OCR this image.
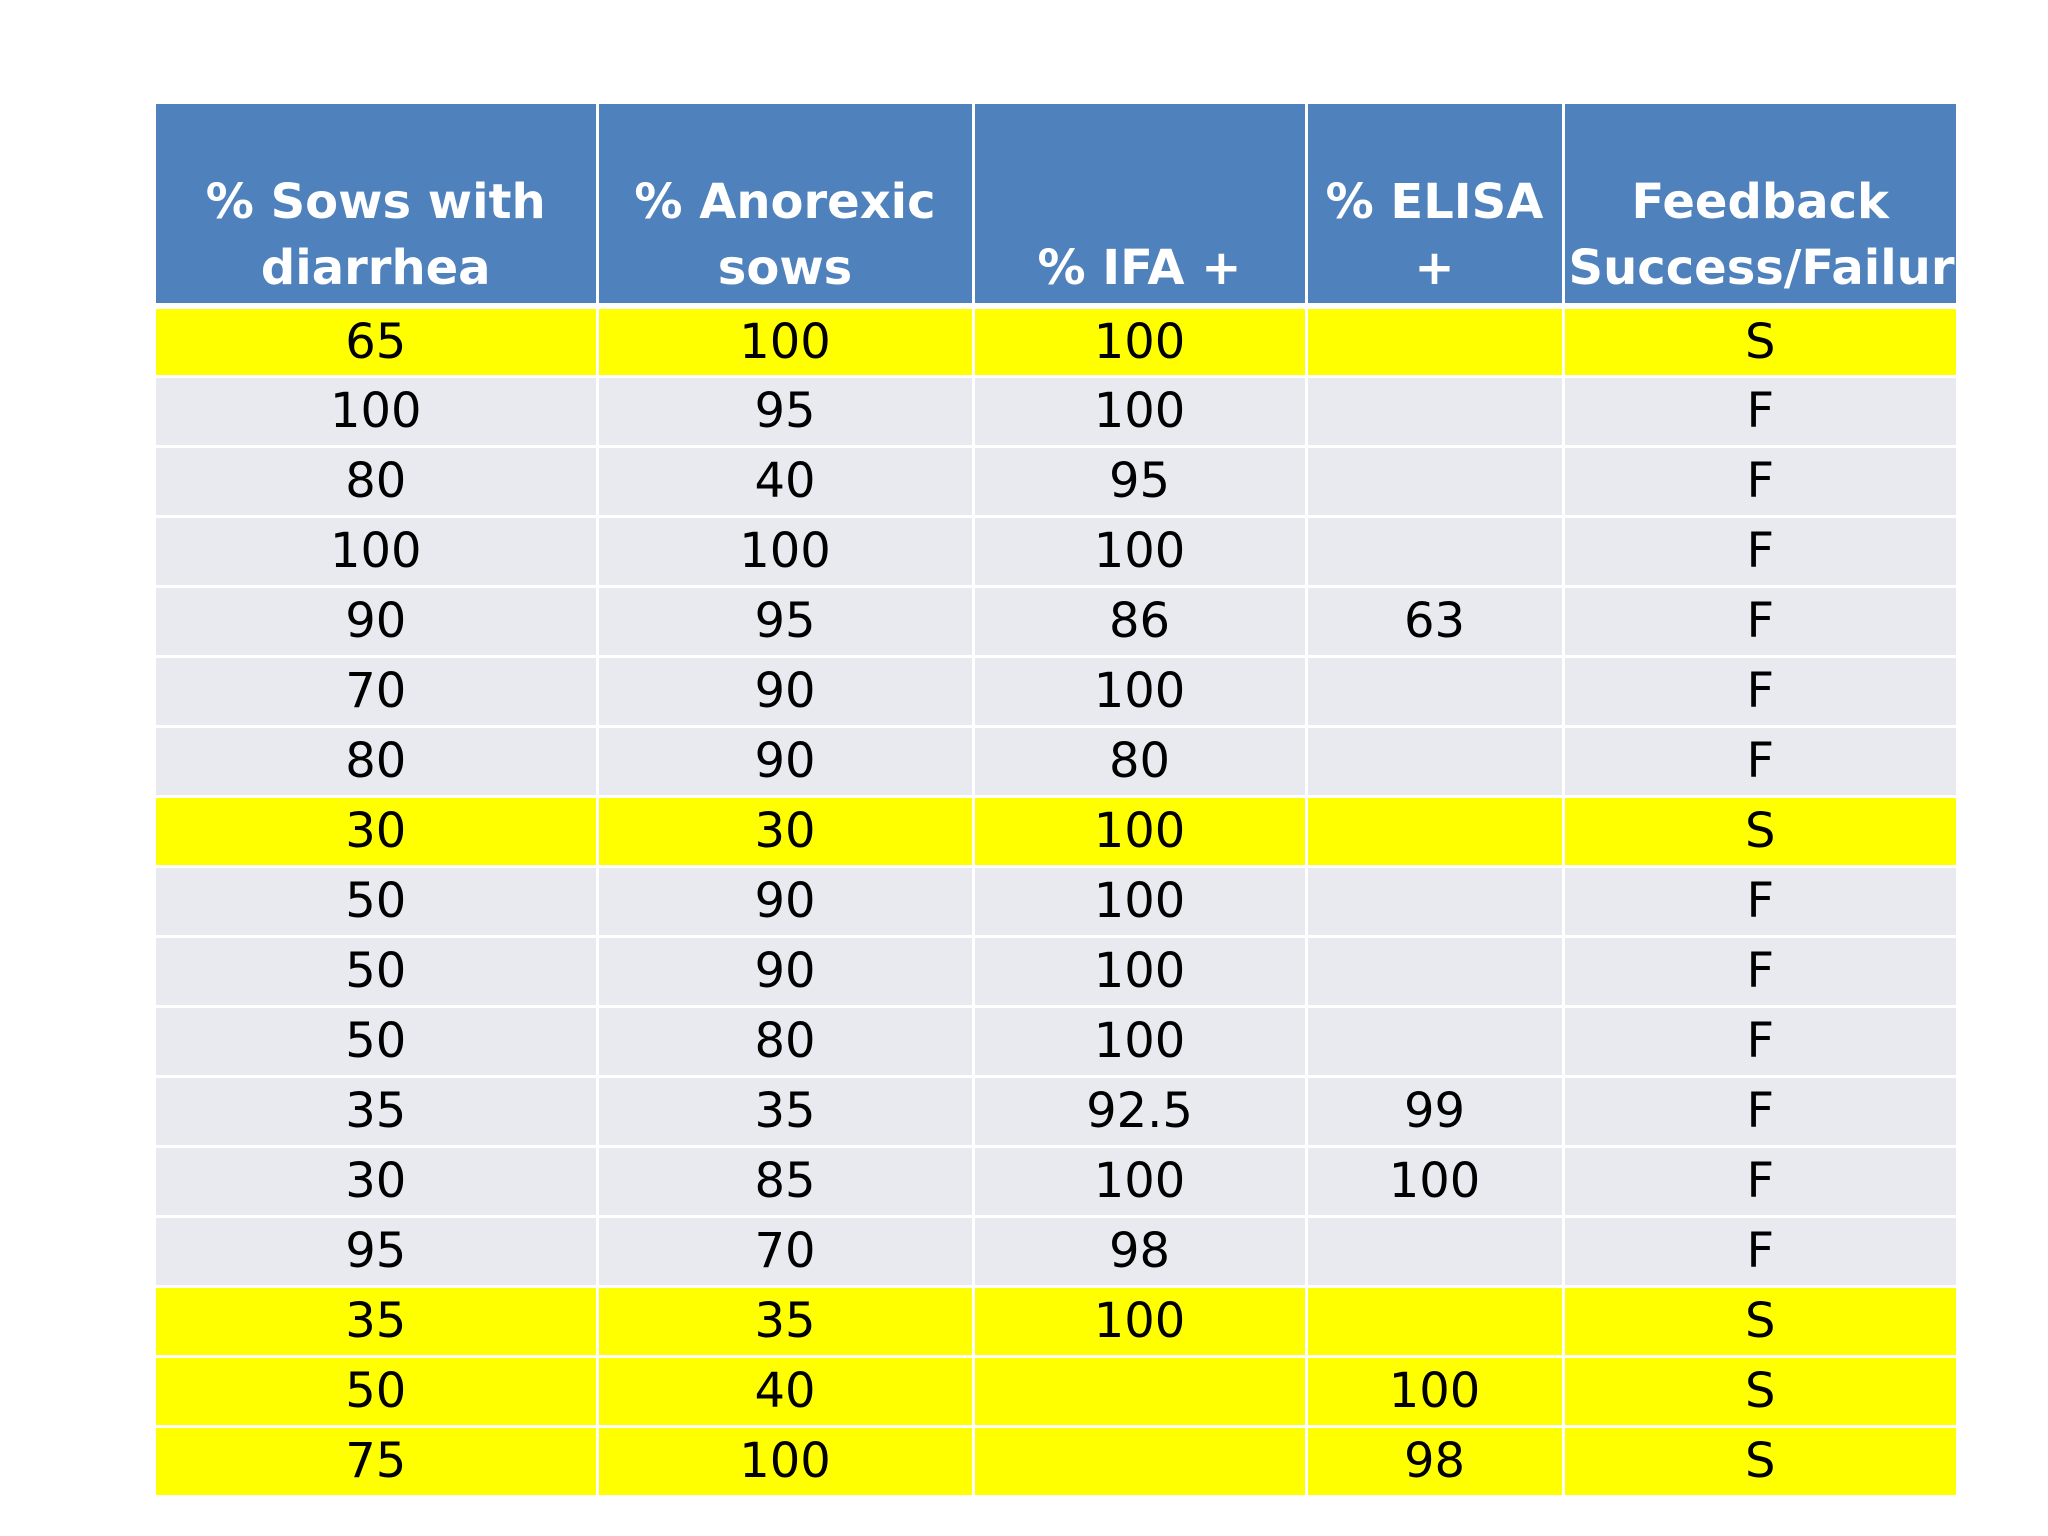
% Sows with diarrhea	% Anorexic sows	% IFA +	% ELISA +	Feedback Success/Failure
65	100	100		S
100	95	100		F
80	40	95		F
100	100	100		F
90	95	86	63	F
70	90	100		F
80	90	80		F
30	30	100		S
50	90	100		F
50	90	100		F
50	80	100		F
35	35	92.5	99	F
30	85	100	100	F
95	70	98		F
35	35	100		S
50	40		100	S
75	100		98	S
